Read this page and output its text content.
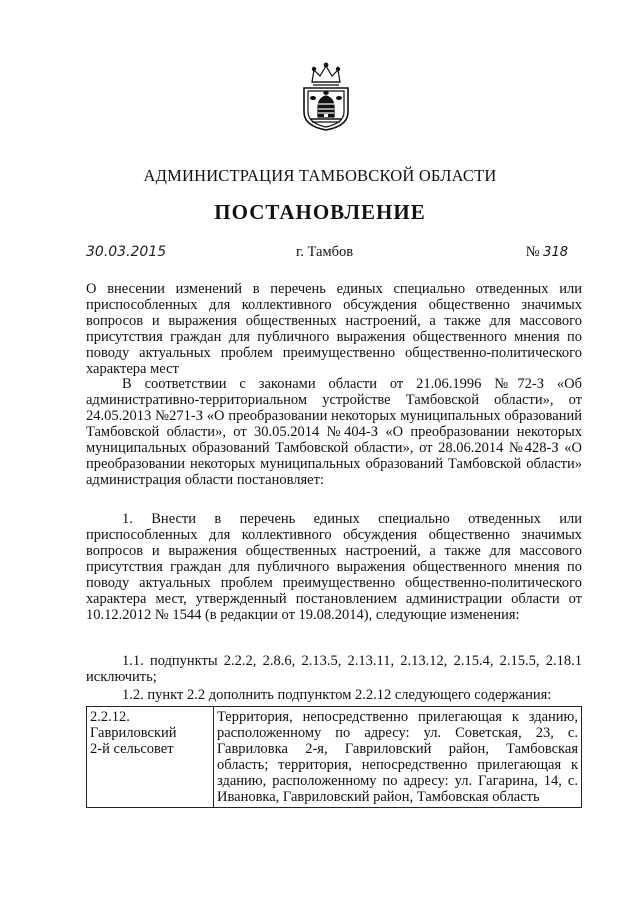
АДМИНИСТРАЦИЯ ТАМБОВСКОЙ ОБЛАСТИ
ПОСТАНОВЛЕНИЕ
30.03.2015	г. Тамбов	№ 318
О внесении изменений в перечень единых специально отведенных или приспособленных для коллективного обсуждения общественно значимых вопросов и выражения общественных настроений, а также для массового присутствия граждан для публичного выражения общественного мнения по поводу актуальных проблем преимущественно общественно-политического характера мест
В соответствии с законами области от 21.06.1996 №72-З «Об административно-территориальном устройстве Тамбовской области», от 24.05.2013 №271-З «О преобразовании некоторых муниципальных образований Тамбовской области», от 30.05.2014 №404-З «О преобразовании некоторых муниципальных образований Тамбовской области», от 28.06.2014 №428-З «О преобразовании некоторых муниципальных образований Тамбовской области» администрация области постановляет:
1. Внести в перечень единых специально отведенных или приспособленных для коллективного обсуждения общественно значимых вопросов и выражения общественных настроений, а также для массового присутствия граждан для публичного выражения общественного мнения по поводу актуальных проблем преимущественно общественно-политического характера мест, утвержденный постановлением администрации области от 10.12.2012 № 1544 (в редакции от 19.08.2014), следующие изменения:
1.1. подпункты 2.2.2, 2.8.6, 2.13.5, 2.13.11, 2.13.12, 2.15.4, 2.15.5, 2.18.1 исключить;
1.2. пункт 2.2 дополнить подпунктом 2.2.12 следующего содержания:
2.2.12.
Гавриловский
2-й сельсовет
	Территория, непосредственно прилегающая к зданию, расположенному по адресу: ул. Советская, 23, с. Гавриловка 2-я, Гавриловский район, Тамбовская область; территория, непосредственно прилегающая к зданию, расположенному по адресу: ул. Гагарина, 14, с. Ивановка, Гавриловский район, Тамбовская область
